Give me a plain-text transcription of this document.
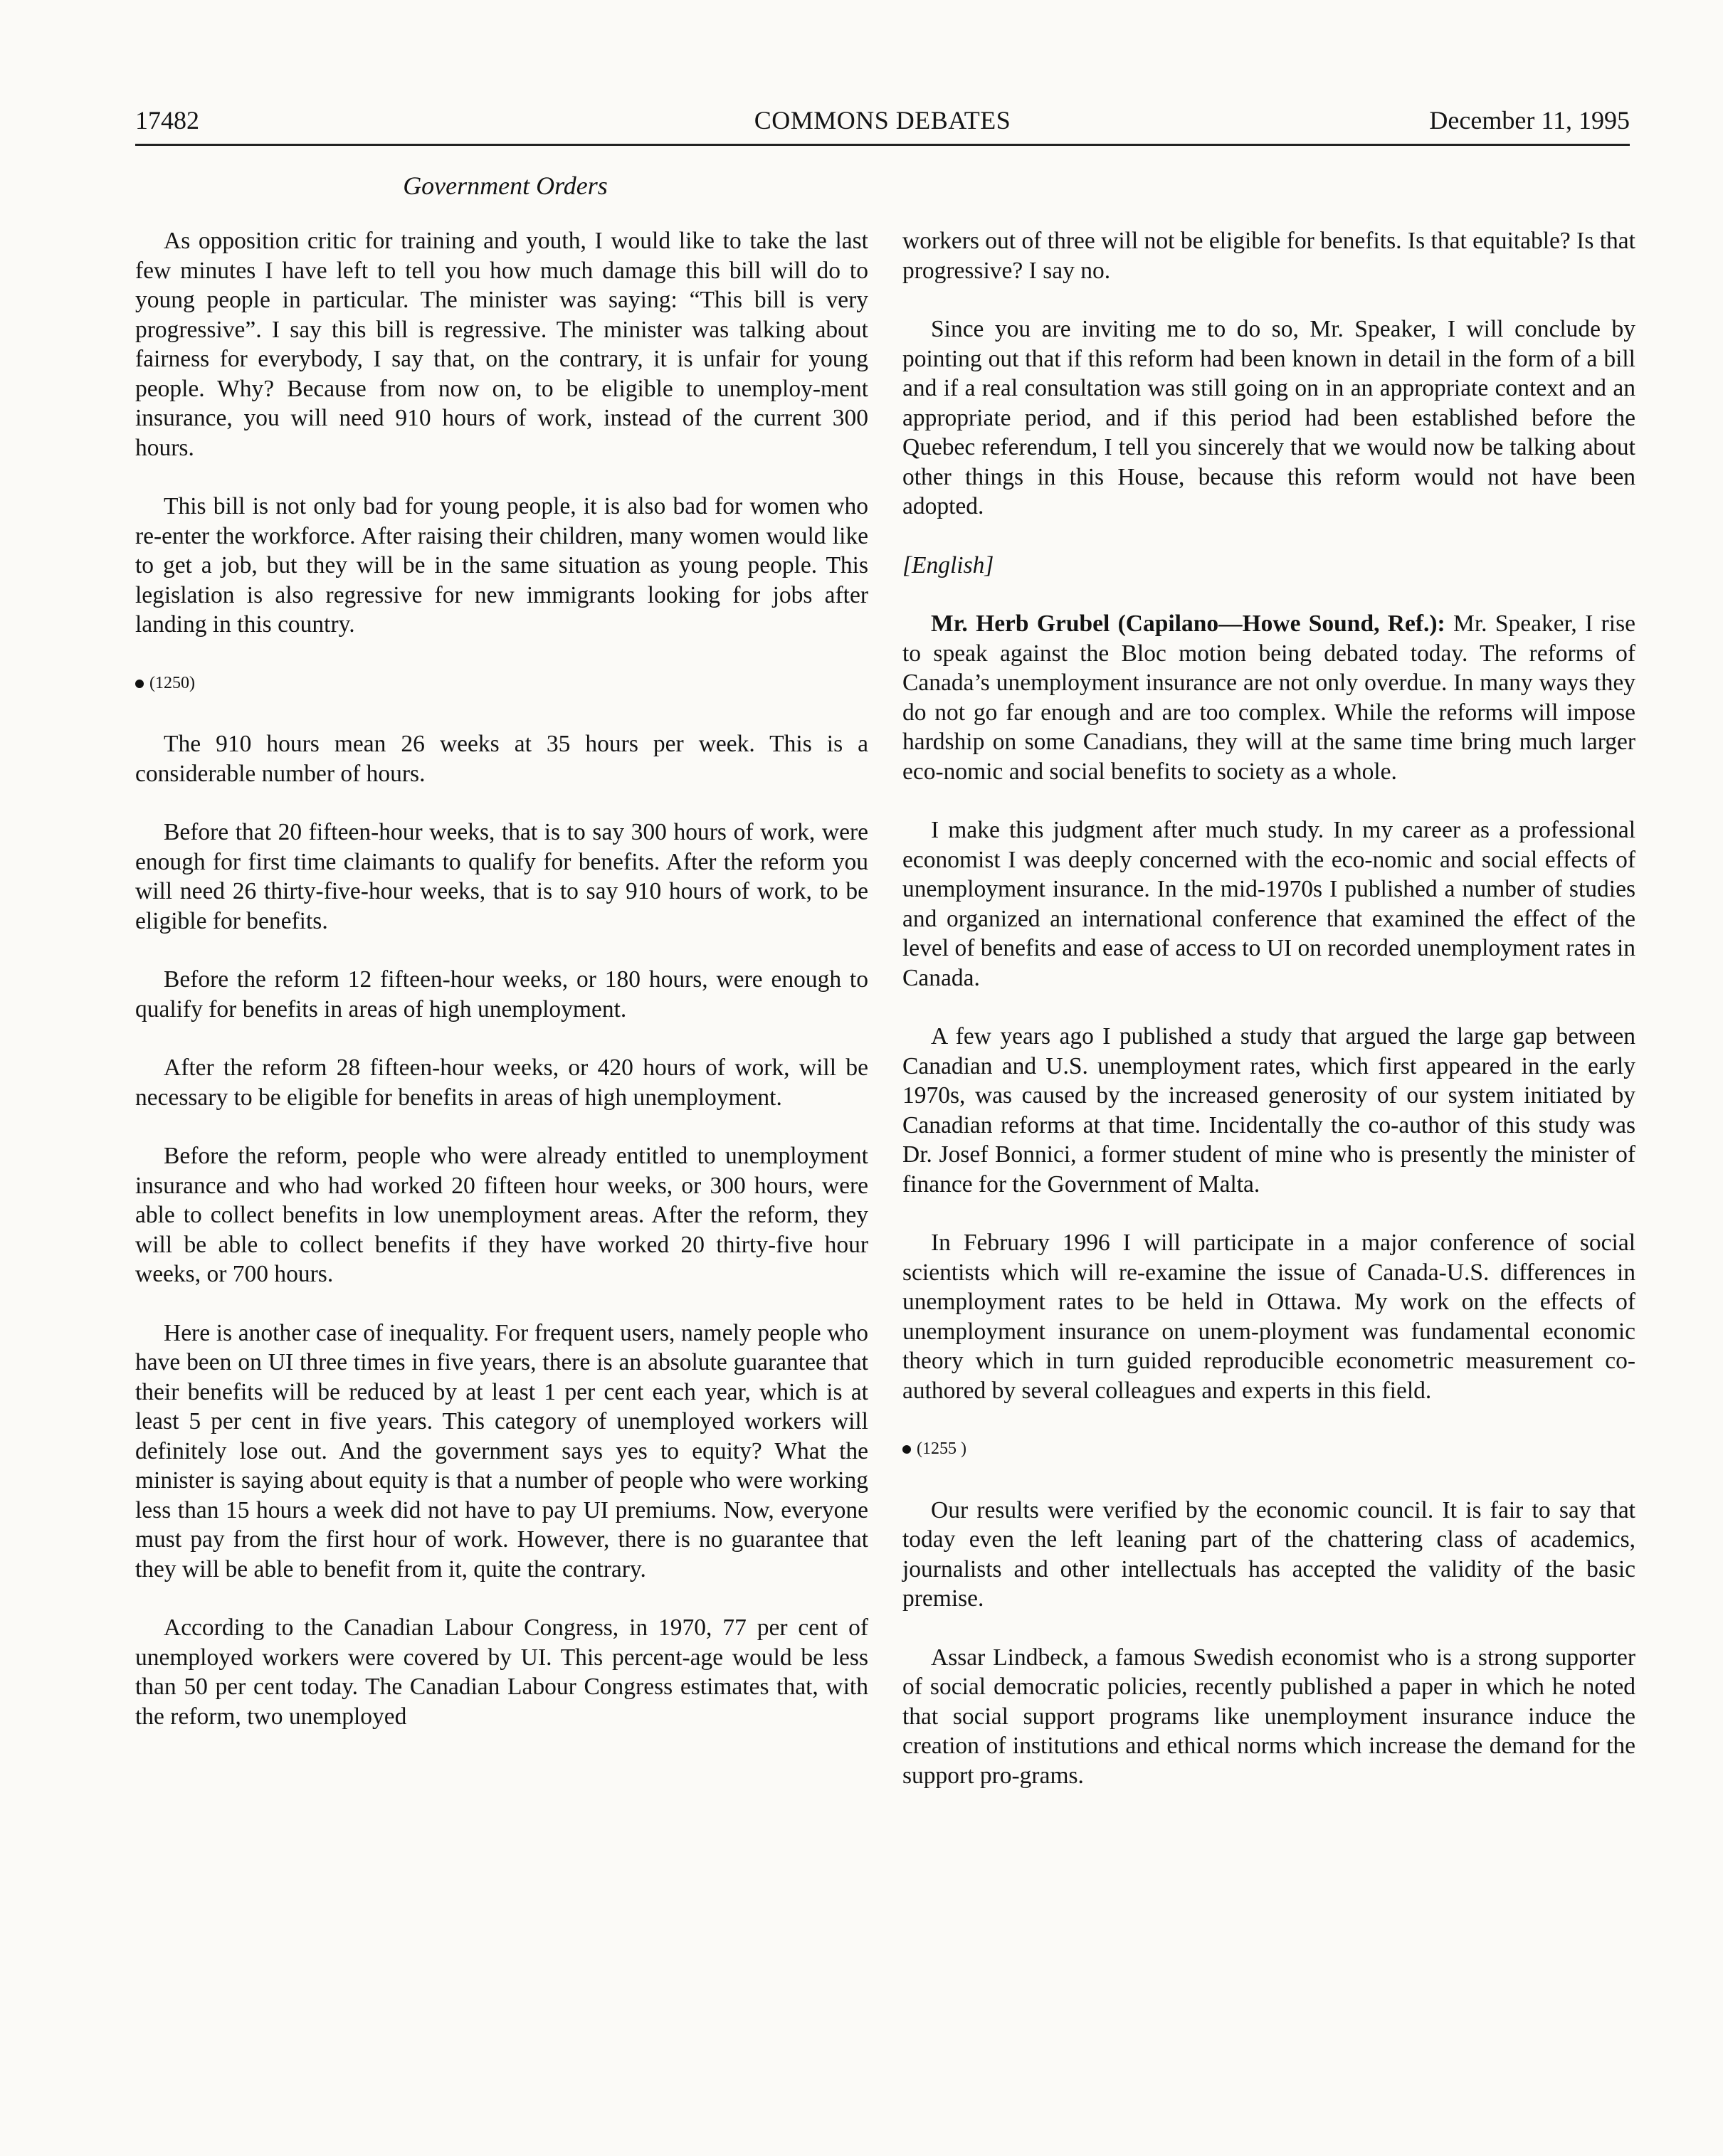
17482	COMMONS DEBATES	December 11, 1995
Government Orders

As opposition critic for training and youth, I would like to take the last few minutes I have left to tell you how much damage this bill will do to young people in particular. The minister was saying: “This bill is very progressive”. I say this bill is regressive. The minister was talking about fairness for everybody, I say that, on the contrary, it is unfair for young people. Why? Because from now on, to be eligible to unemploy-ment insurance, you will need 910 hours of work, instead of the current 300 hours.

This bill is not only bad for young people, it is also bad for women who re-enter the workforce. After raising their children, many women would like to get a job, but they will be in the same situation as young people. This legislation is also regressive for new immigrants looking for jobs after landing in this country.

(1250)

The 910 hours mean 26 weeks at 35 hours per week. This is a considerable number of hours.

Before that 20 fifteen-hour weeks, that is to say 300 hours of work, were enough for first time claimants to qualify for benefits. After the reform you will need 26 thirty-five-hour weeks, that is to say 910 hours of work, to be eligible for benefits.

Before the reform 12 fifteen-hour weeks, or 180 hours, were enough to qualify for benefits in areas of high unemployment.

After the reform 28 fifteen-hour weeks, or 420 hours of work, will be necessary to be eligible for benefits in areas of high unemployment.

Before the reform, people who were already entitled to unemployment insurance and who had worked 20 fifteen hour weeks, or 300 hours, were able to collect benefits in low unemployment areas. After the reform, they will be able to collect benefits if they have worked 20 thirty-five hour weeks, or 700 hours.

Here is another case of inequality. For frequent users, namely people who have been on UI three times in five years, there is an absolute guarantee that their benefits will be reduced by at least 1 per cent each year, which is at least 5 per cent in five years. This category of unemployed workers will definitely lose out. And the government says yes to equity? What the minister is saying about equity is that a number of people who were working less than 15 hours a week did not have to pay UI premiums. Now, everyone must pay from the first hour of work. However, there is no guarantee that they will be able to benefit from it, quite the contrary.

According to the Canadian Labour Congress, in 1970, 77 per cent of unemployed workers were covered by UI. This percent-age would be less than 50 per cent today. The Canadian Labour Congress estimates that, with the reform, two unemployed

workers out of three will not be eligible for benefits. Is that equitable? Is that progressive? I say no.

Since you are inviting me to do so, Mr. Speaker, I will conclude by pointing out that if this reform had been known in detail in the form of a bill and if a real consultation was still going on in an appropriate context and an appropriate period, and if this period had been established before the Quebec referendum, I tell you sincerely that we would now be talking about other things in this House, because this reform would not have been adopted.

[English]

Mr. Herb Grubel (Capilano—Howe Sound, Ref.): Mr. Speaker, I rise to speak against the Bloc motion being debated today. The reforms of Canada’s unemployment insurance are not only overdue. In many ways they do not go far enough and are too complex. While the reforms will impose hardship on some Canadians, they will at the same time bring much larger eco-nomic and social benefits to society as a whole.

I make this judgment after much study. In my career as a professional economist I was deeply concerned with the eco-nomic and social effects of unemployment insurance. In the mid-1970s I published a number of studies and organized an international conference that examined the effect of the level of benefits and ease of access to UI on recorded unemployment rates in Canada.

A few years ago I published a study that argued the large gap between Canadian and U.S. unemployment rates, which first appeared in the early 1970s, was caused by the increased generosity of our system initiated by Canadian reforms at that time. Incidentally the co-author of this study was Dr. Josef Bonnici, a former student of mine who is presently the minister of finance for the Government of Malta.

In February 1996 I will participate in a major conference of social scientists which will re-examine the issue of Canada-U.S. differences in unemployment rates to be held in Ottawa. My work on the effects of unemployment insurance on unem-ployment was fundamental economic theory which in turn guided reproducible econometric measurement co-authored by several colleagues and experts in this field.

(1255 )

Our results were verified by the economic council. It is fair to say that today even the left leaning part of the chattering class of academics, journalists and other intellectuals has accepted the validity of the basic premise.

Assar Lindbeck, a famous Swedish economist who is a strong supporter of social democratic policies, recently published a paper in which he noted that social support programs like unemployment insurance induce the creation of institutions and ethical norms which increase the demand for the support pro-grams.
